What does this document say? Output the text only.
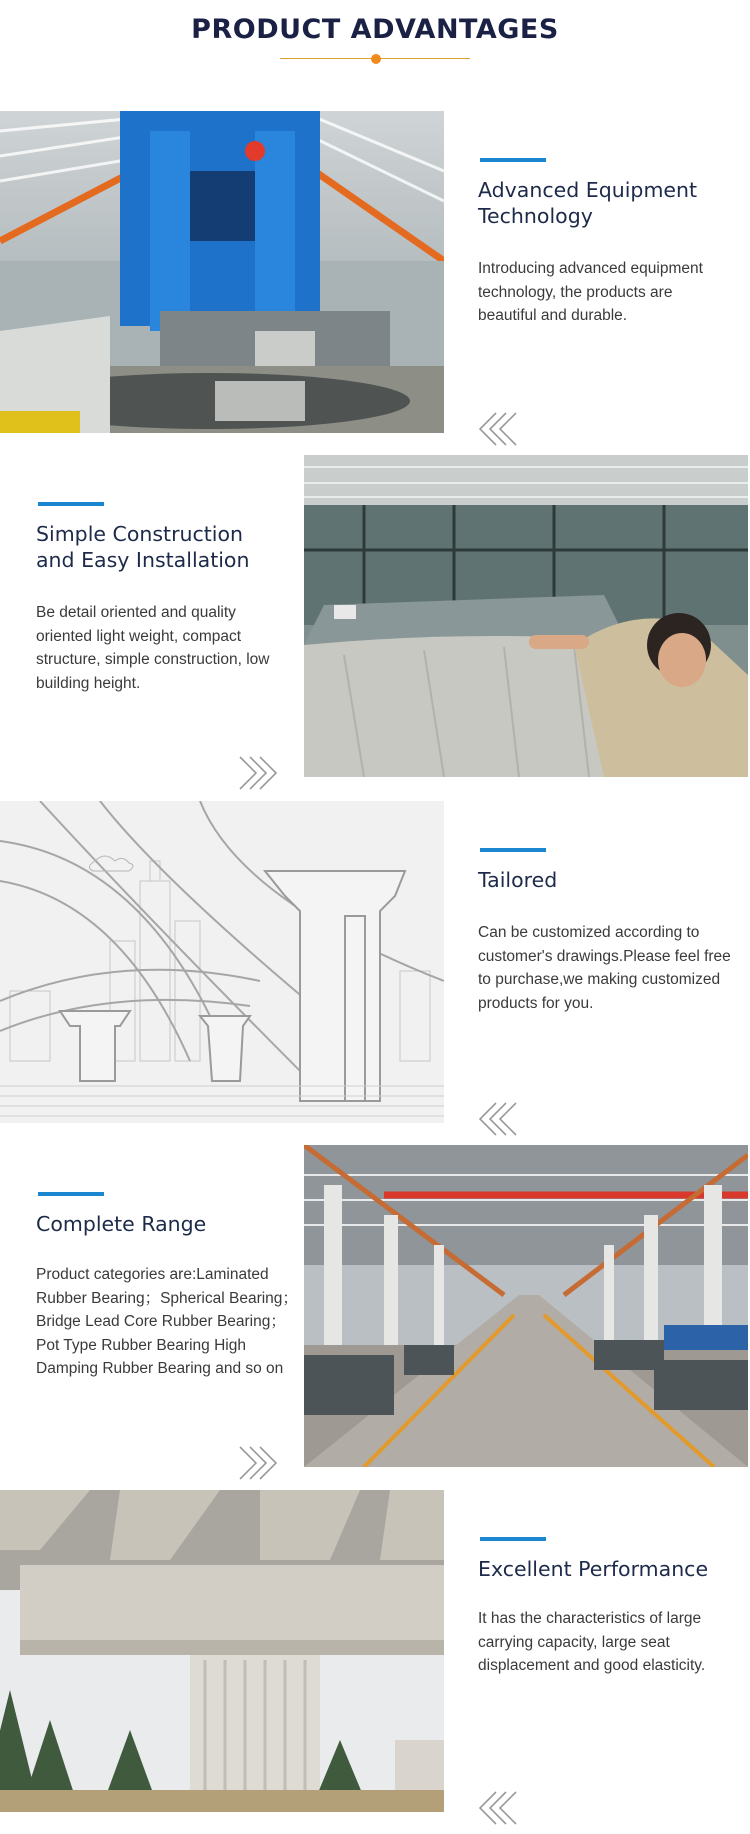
PRODUCT ADVANTAGES
Advanced Equipment
Technology

Introducing advanced equipment technology, the products are beautiful and durable.

Simple Construction
and Easy Installation

Be detail oriented and quality oriented light weight, compact structure, simple construction, low building height.

Tailored

Can be customized according to customer's drawings.Please feel free to purchase,we making customized products for you.

Complete Range

Product categories are:Laminated Rubber Bearing；Spherical Bearing；Bridge Lead Core Rubber Bearing；Pot Type Rubber Bearing High Damping Rubber Bearing and so on

Excellent Performance

It has the characteristics of large carrying capacity, large seat displacement and good elasticity.
